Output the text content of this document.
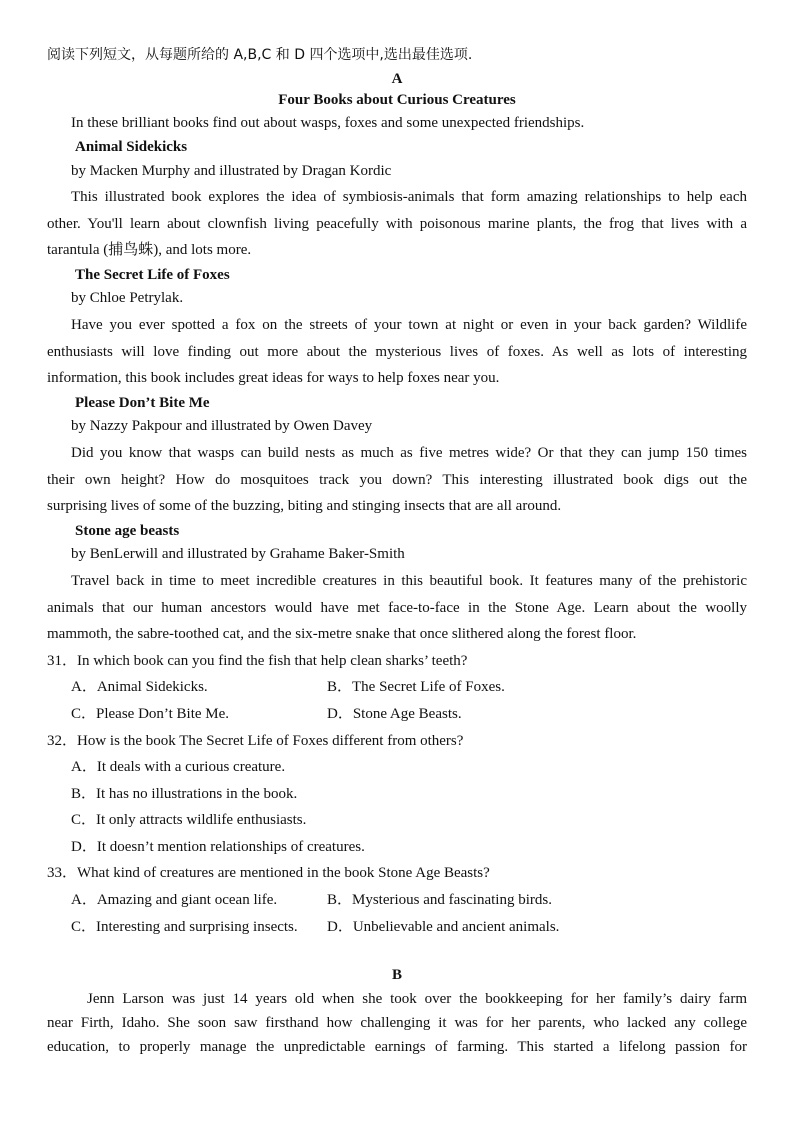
阅读下列短文，从每题所给的 A,B,C 和 D 四个选项中,选出最佳选项.
A
Four Books about Curious Creatures
In these brilliant books find out about wasps, foxes and some unexpected friendships.
Animal Sidekicks
by Macken Murphy and illustrated by Dragan Kordic
This illustrated book explores the idea of symbiosis-animals that form amazing relationships to help each
other. You'll learn about clownfish living peacefully with poisonous marine plants, the frog that lives with a
tarantula (捕鸟蛛), and lots more.
The Secret Life of Foxes
by Chloe Petrylak.
Have you ever spotted a fox on the streets of your town at night or even in your back garden? Wildlife
enthusiasts will love finding out more about the mysterious lives of foxes. As well as lots of interesting
information, this book includes great ideas for ways to help foxes near you.
Please Don’t Bite Me
by Nazzy Pakpour and illustrated by Owen Davey
Did you know that wasps can build nests as much as five metres wide? Or that they can jump 150 times
their own height? How do mosquitoes track you down? This interesting illustrated book digs out the
surprising lives of some of the buzzing, biting and stinging insects that are all around.
Stone age beasts
by BenLerwill and illustrated by Grahame Baker-Smith
Travel back in time to meet incredible creatures in this beautiful book. It features many of the prehistoric
animals that our human ancestors would have met face-to-face in the Stone Age. Learn about the woolly
mammoth, the sabre-toothed cat, and the six-metre snake that once slithered along the forest floor.
31．In which book can you find the fish that help clean sharks’ teeth?
A．Animal Sidekicks.	B．The Secret Life of Foxes.
C．Please Don’t Bite Me.	D．Stone Age Beasts.
32．How is the book The Secret Life of Foxes different from others?
A．It deals with a curious creature.
B．It has no illustrations in the book.
C．It only attracts wildlife enthusiasts.
D．It doesn’t mention relationships of creatures.
33．What kind of creatures are mentioned in the book Stone Age Beasts?
A．Amazing and giant ocean life.	B．Mysterious and fascinating birds.
C．Interesting and surprising insects. D．Unbelievable and ancient animals.
B
Jenn Larson was just 14 years old when she took over the bookkeeping for her family’s dairy farm
near Firth, Idaho. She soon saw firsthand how challenging it was for her parents, who lacked any college
education, to properly manage the unpredictable earnings of farming. This started a lifelong passion for
